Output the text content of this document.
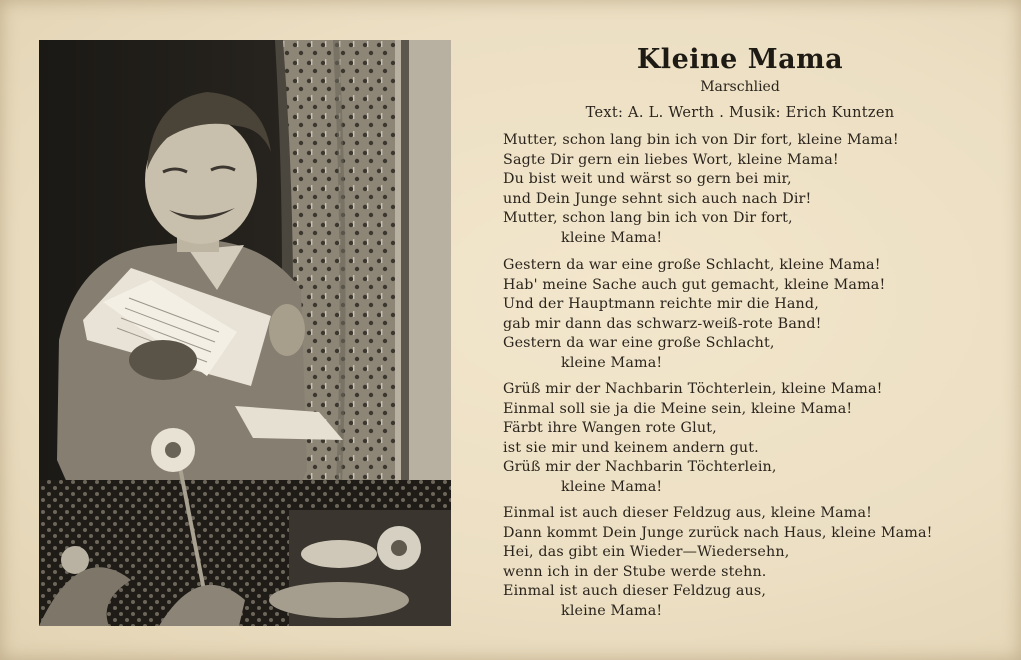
Kleine Mama
Marschlied
Text: A. L. Werth . Musik: Erich Kuntzen
Mutter, schon lang bin ich von Dir fort, kleine Mama!
Sagte Dir gern ein liebes Wort, kleine Mama!
Du bist weit und wärst so gern bei mir,
und Dein Junge sehnt sich auch nach Dir!
Mutter, schon lang bin ich von Dir fort,
kleine Mama!
Gestern da war eine große Schlacht, kleine Mama!
Hab' meine Sache auch gut gemacht, kleine Mama!
Und der Hauptmann reichte mir die Hand,
gab mir dann das schwarz-weiß-rote Band!
Gestern da war eine große Schlacht,
kleine Mama!
Grüß mir der Nachbarin Töchterlein, kleine Mama!
Einmal soll sie ja die Meine sein, kleine Mama!
Färbt ihre Wangen rote Glut,
ist sie mir und keinem andern gut.
Grüß mir der Nachbarin Töchterlein,
kleine Mama!
Einmal ist auch dieser Feldzug aus, kleine Mama!
Dann kommt Dein Junge zurück nach Haus, kleine Mama!
Hei, das gibt ein Wieder—Wiedersehn,
wenn ich in der Stube werde stehn.
Einmal ist auch dieser Feldzug aus,
kleine Mama!
